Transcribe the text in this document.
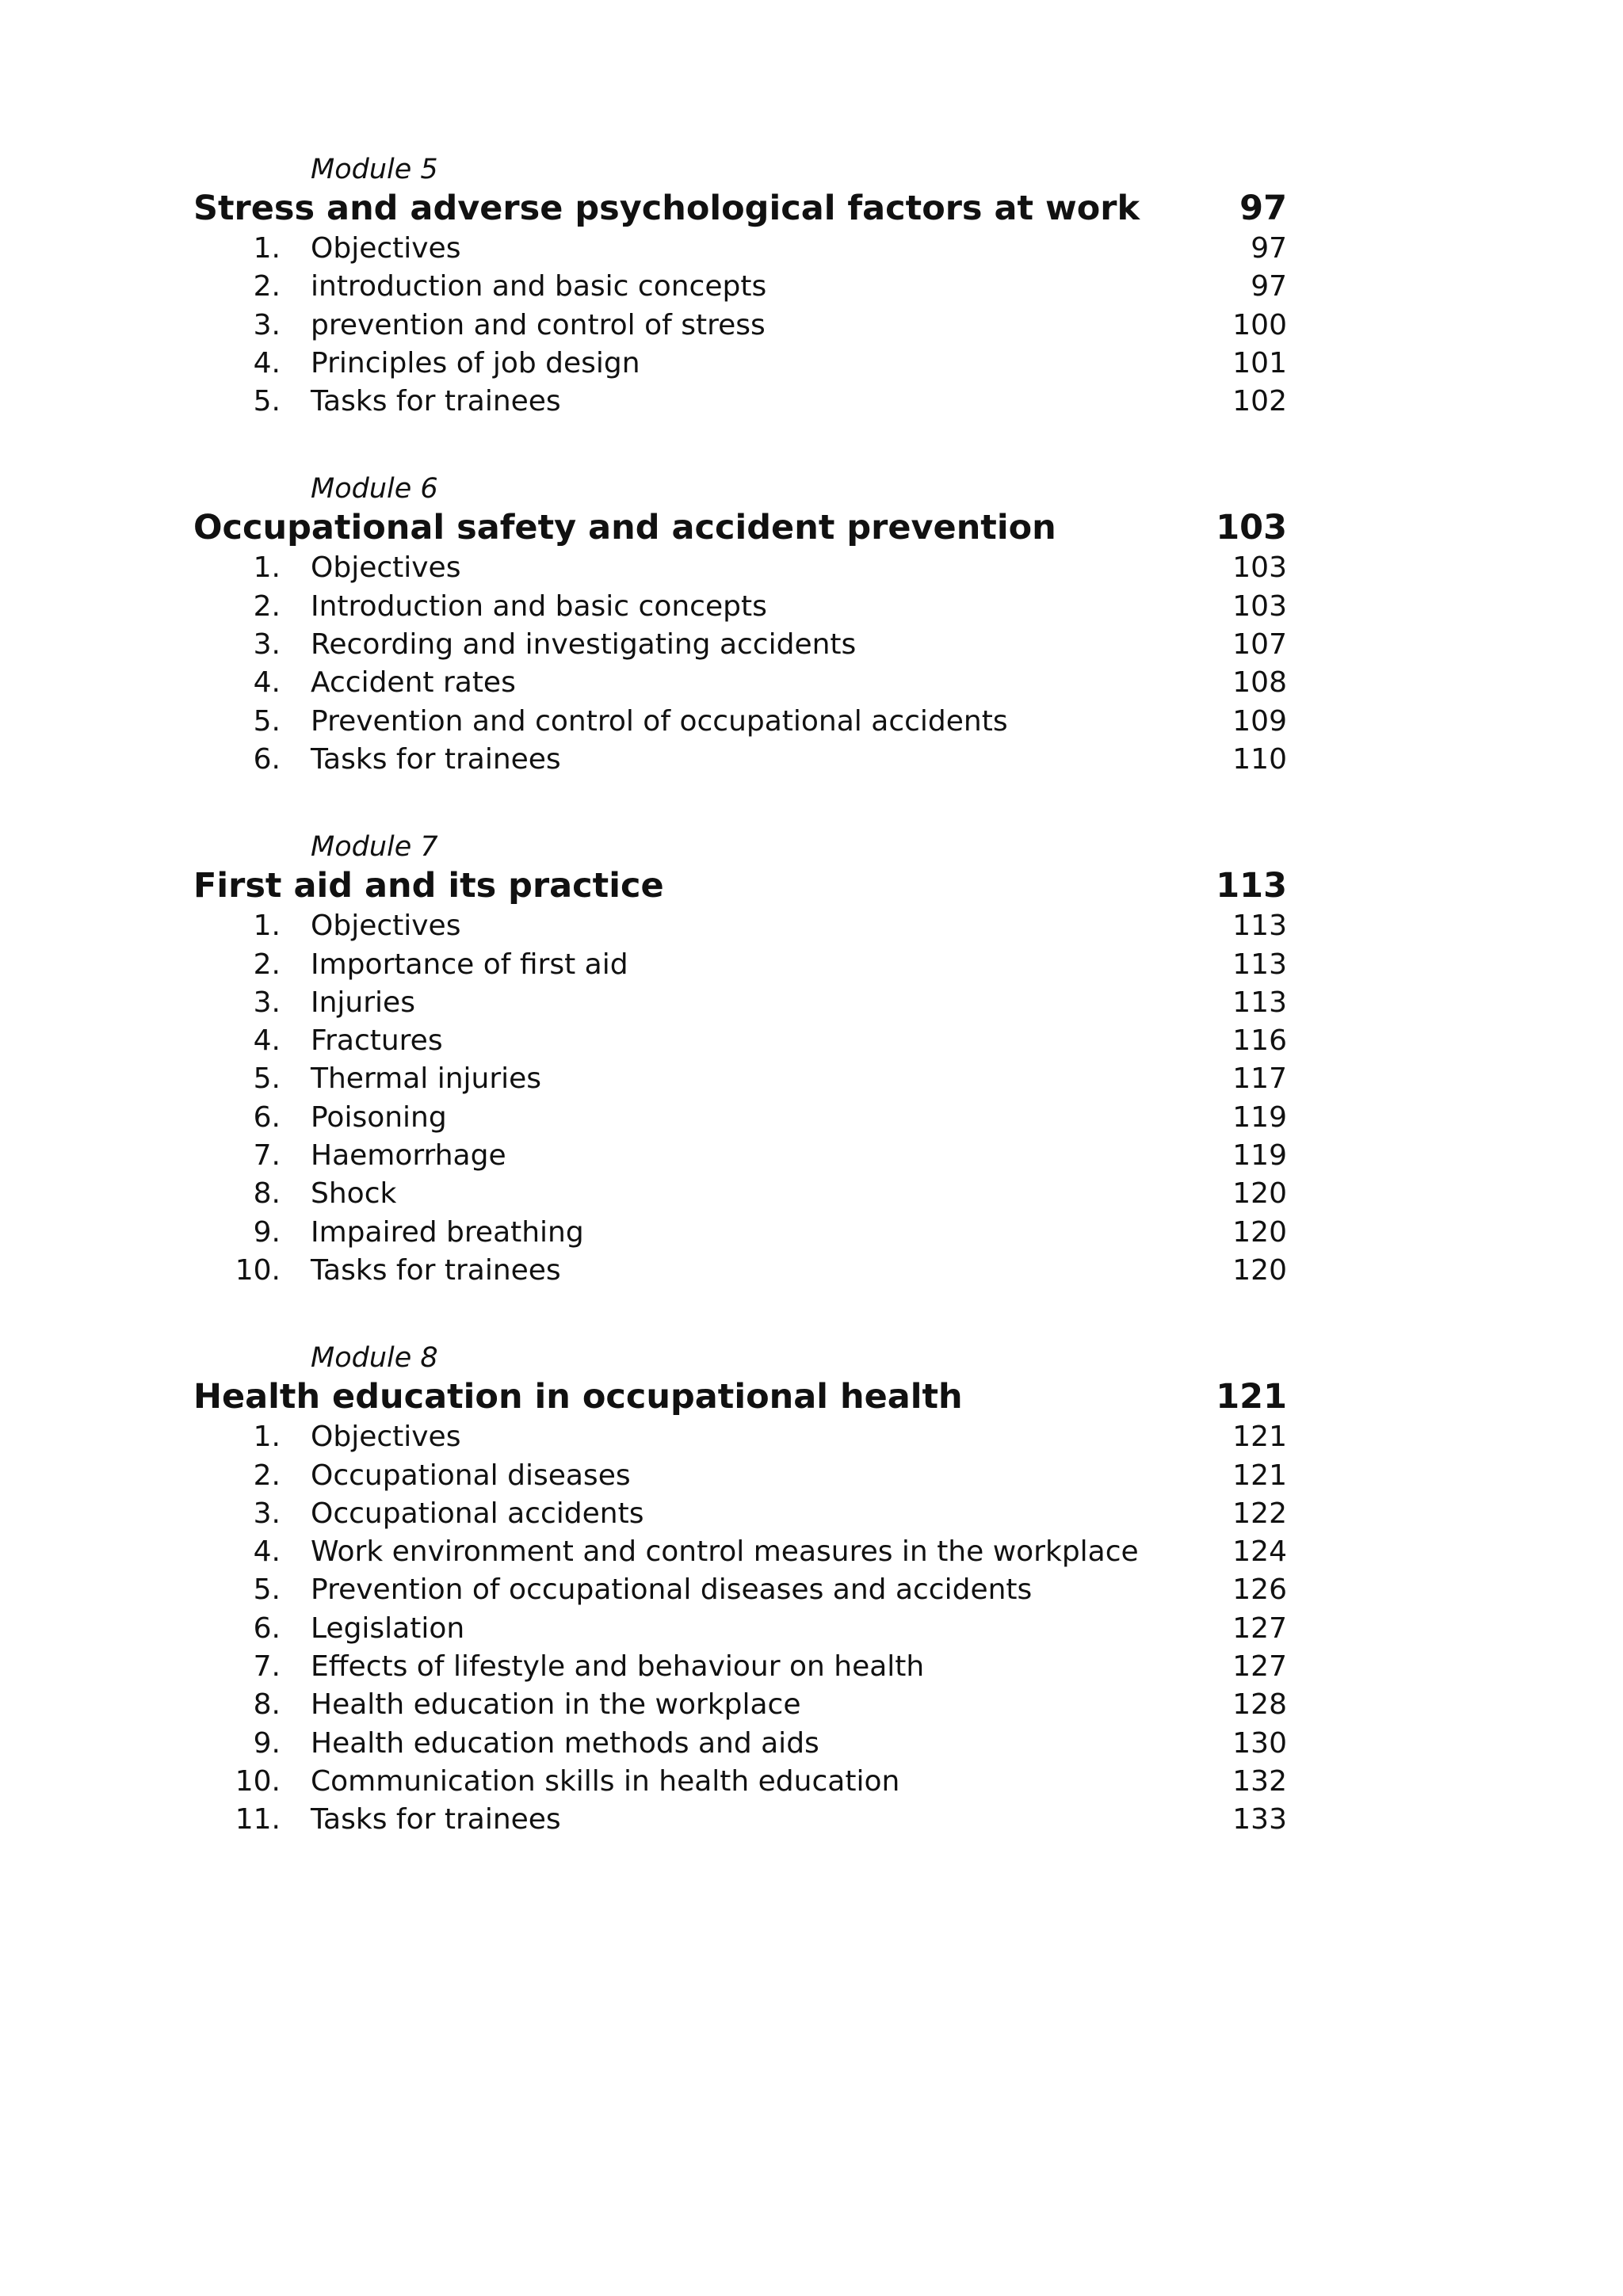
Module 5
Stress and adverse psychological factors at work	97
1.	Objectives	97
2.	introduction and basic concepts	97
3.	prevention and control of stress	100
4.	Principles of job design	101
5.	Tasks for trainees	102
Module 6
Occupational safety and accident prevention	103
1.	Objectives	103
2.	Introduction and basic concepts	103
3.	Recording and investigating accidents	107
4.	Accident rates	108
5.	Prevention and control of occupational accidents	109
6.	Tasks for trainees	110
Module 7
First aid and its practice	113
1.	Objectives	113
2.	Importance of first aid	113
3.	Injuries	113
4.	Fractures	116
5.	Thermal injuries	117
6.	Poisoning	119
7.	Haemorrhage	119
8.	Shock	120
9.	Impaired breathing	120
10.	Tasks for trainees	120
Module 8
Health education in occupational health	121
1.	Objectives	121
2.	Occupational diseases	121
3.	Occupational accidents	122
4.	Work environment and control measures in the workplace	124
5.	Prevention of occupational diseases and accidents	126
6.	Legislation	127
7.	Effects of lifestyle and behaviour on health	127
8.	Health education in the workplace	128
9.	Health education methods and aids	130
10.	Communication skills in health education	132
11.	Tasks for trainees	133
